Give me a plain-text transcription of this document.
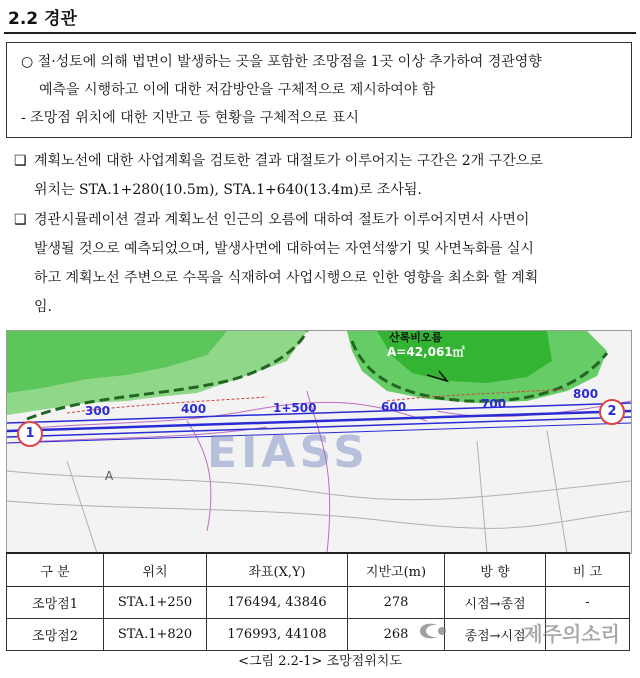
2.2 경관
○ 절·성토에 의해 법면이 발생하는 곳을 포함한 조망점을 1곳 이상 추가하여 경관영향
예측을 시행하고 이에 대한 저감방안을 구체적으로 제시하여야 함
- 조망점 위치에 대한 지반고 등 현황을 구체적으로 표시
❑ 계획노선에 대한 사업계획을 검토한 결과 대절토가 이루어지는 구간은 2개 구간으로
위치는 STA.1+280(10.5m), STA.1+640(13.4m)로 조사됨.
❑ 경관시뮬레이션 결과 계획노선 인근의 오름에 대하여 절토가 이루어지면서 사면이
발생될 것으로 예측되었으며, 발생사면에 대하여는 자연석쌓기 및 사면녹화를 실시
하고 계획노선 주변으로 수목을 식재하여 사업시행으로 인한 영향을 최소화 할 계획
임.
산록비오름
A=42,061㎡
300	400	1+500	600	700
800
1
2
A EIASS
구 분	위치	좌표(X,Y)	지반고(m)	방 향	비 고
조망점1	STA.1+250	176494, 43846	278	시점→종점	-
조망점2	STA.1+820	176993, 44108	268	종점→시점	
제주의소리
<그림 2.2-1> 조망점위치도
